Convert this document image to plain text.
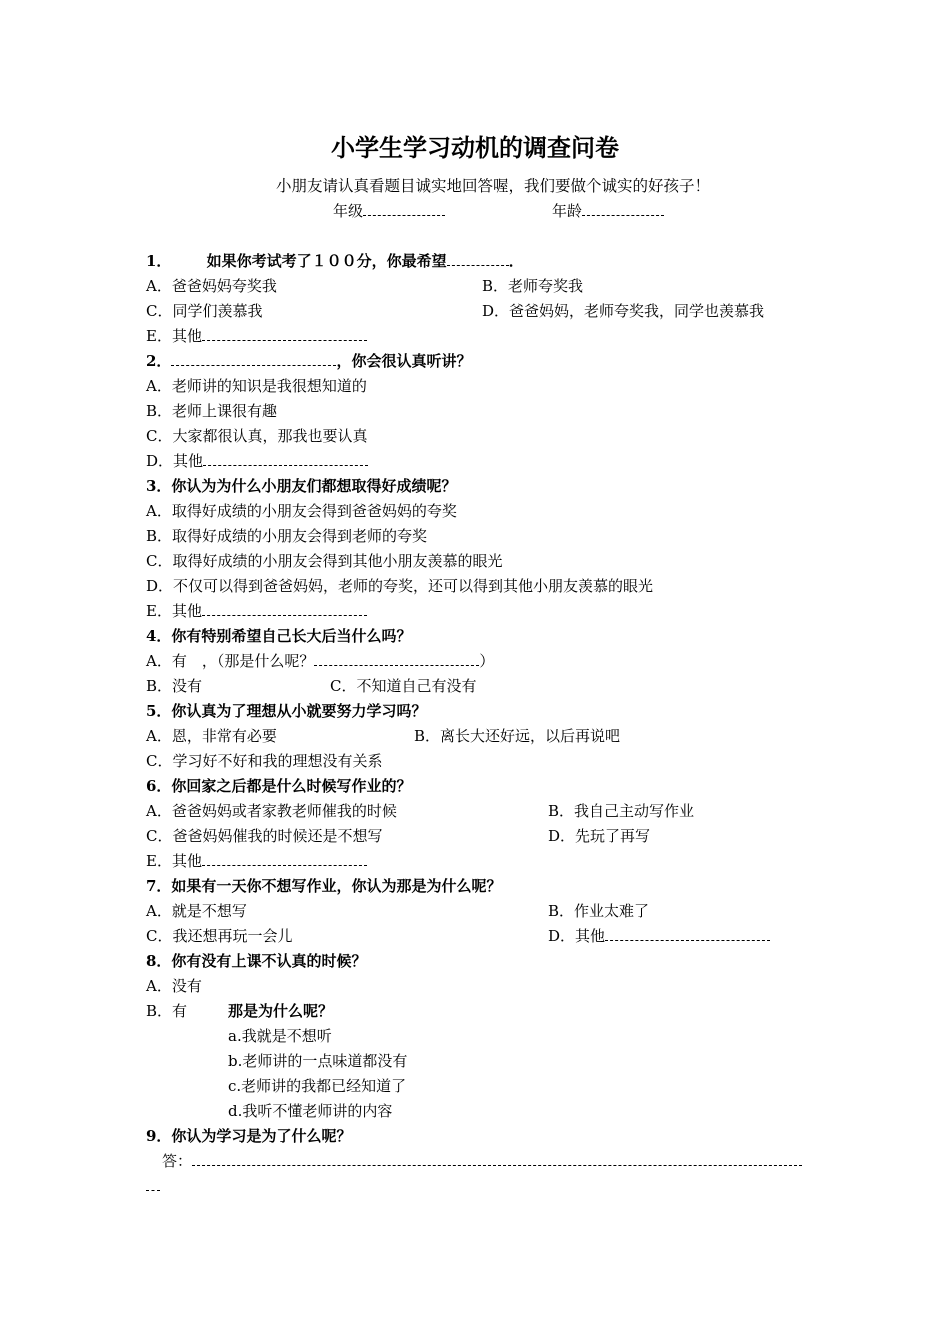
小学生学习动机的调查问卷
小朋友请认真看题目诚实地回答喔，我们要做个诚实的好孩子！
年级	年龄
1． 如果你考试考了１００分，你最希望	．
A．爸爸妈妈夸奖我	B．老师夸奖我
C．同学们羡慕我	D．爸爸妈妈，老师夸奖我，同学也羡慕我
E．其他
2．	，你会很认真听讲？
A．老师讲的知识是我很想知道的
B．老师上课很有趣
C．大家都很认真，那我也要认真
D．其他
3．你认为为什么小朋友们都想取得好成绩呢？
A．取得好成绩的小朋友会得到爸爸妈妈的夸奖
B．取得好成绩的小朋友会得到老师的夸奖
C．取得好成绩的小朋友会得到其他小朋友羡慕的眼光
D．不仅可以得到爸爸妈妈，老师的夸奖，还可以得到其他小朋友羡慕的眼光
E．其他
4．你有特别希望自己长大后当什么吗？
A．有　，（那是什么呢？	）
B．没有	C．不知道自己有没有
5．你认真为了理想从小就要努力学习吗？
A．恩，非常有必要	B．离长大还好远，以后再说吧
C．学习好不好和我的理想没有关系
6．你回家之后都是什么时候写作业的？
A．爸爸妈妈或者家教老师催我的时候	B．我自己主动写作业
C．爸爸妈妈催我的时候还是不想写	D．先玩了再写
E．其他
7．如果有一天你不想写作业，你认为那是为什么呢？
A．就是不想写	B．作业太难了
C．我还想再玩一会儿	D．其他
8．你有没有上课不认真的时候？
A．没有
B．有	那是为什么呢？
a.我就是不想听
b.老师讲的一点味道都没有
c.老师讲的我都已经知道了
d.我听不懂老师讲的内容
9．你认为学习是为了什么呢？
答：
